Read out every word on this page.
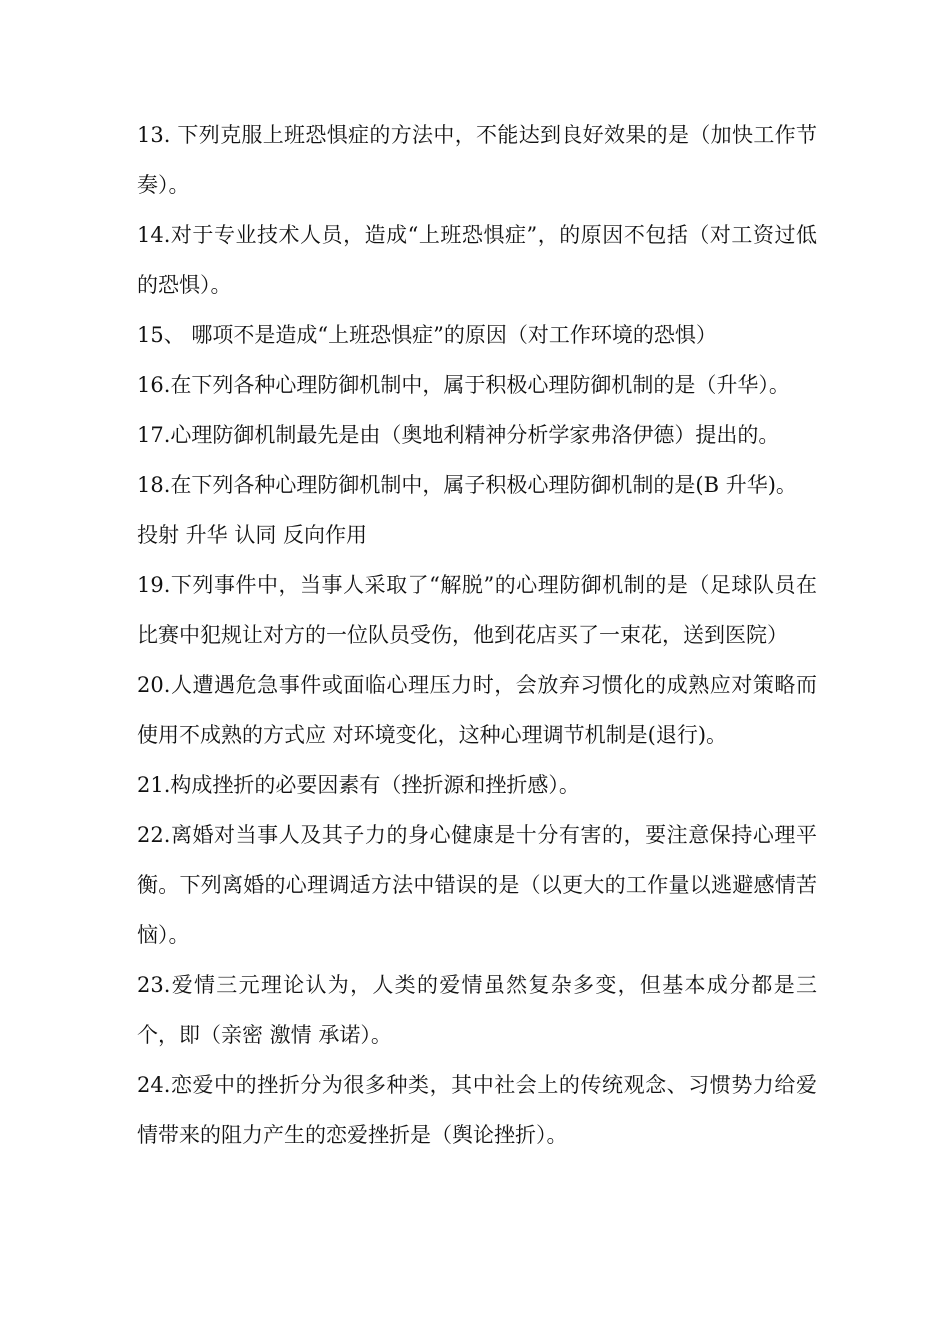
13. 下列克服上班恐惧症的方法中，不能达到良好效果的是（加快工作节奏）。

14.对于专业技术人员，造成“上班恐惧症”，的原因不包括（对工资过低的恐惧）。

15、 哪项不是造成“上班恐惧症”的原因（对工作环境的恐惧）

16.在下列各种心理防御机制中，属于积极心理防御机制的是（升华）。

17.心理防御机制最先是由（奥地利精神分析学家弗洛伊德）提出的。

18.在下列各种心理防御机制中，属子积极心理防御机制的是(B 升华)。

投射 升华 认同 反向作用

19.下列事件中，当事人采取了“解脱”的心理防御机制的是（足球队员在比赛中犯规让对方的一位队员受伤，他到花店买了一束花，送到医院）

20.人遭遇危急事件或面临心理压力时，会放弃习惯化的成熟应对策略而使用不成熟的方式应 对环境变化，这种心理调节机制是(退行)。

21.构成挫折的必要因素有（挫折源和挫折感）。

22.离婚对当事人及其子力的身心健康是十分有害的，要注意保持心理平衡。下列离婚的心理调适方法中错误的是（以更大的工作量以逃避感情苦恼）。

23.爱情三元理论认为，人类的爱情虽然复杂多变，但基本成分都是三个，即（亲密 激情 承诺）。

24.恋爱中的挫折分为很多种类，其中社会上的传统观念、习惯势力给爱情带来的阻力产生的恋爱挫折是（舆论挫折）。
